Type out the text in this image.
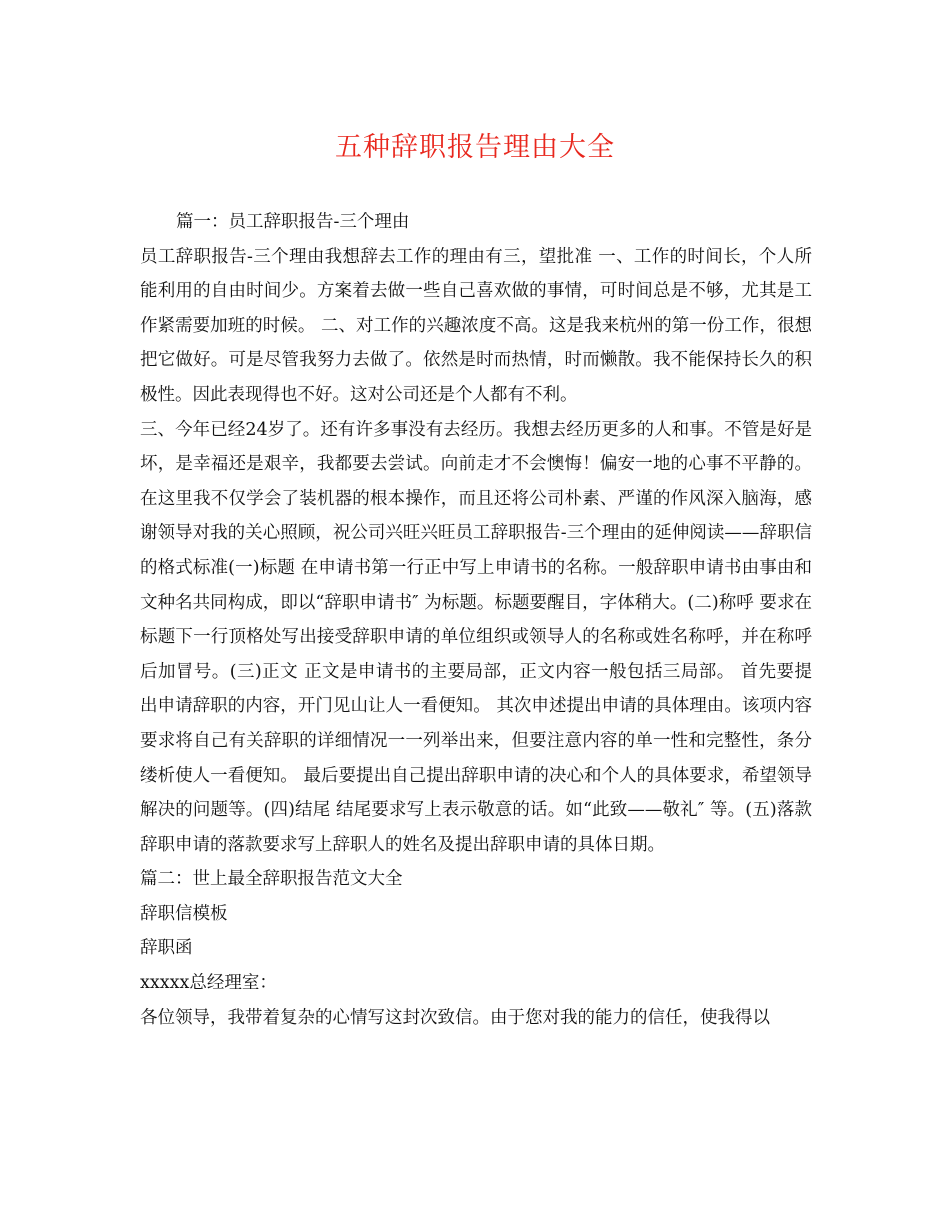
五种辞职报告理由大全

篇一：员工辞职报告-三个理由

员工辞职报告-三个理由我想辞去工作的理由有三，望批准 一、工作的时间长，个人所能利用的自由时间少。方案着去做一些自己喜欢做的事情，可时间总是不够，尤其是工作紧需要加班的时候。 二、对工作的兴趣浓度不高。这是我来杭州的第一份工作，很想把它做好。可是尽管我努力去做了。依然是时而热情，时而懒散。我不能保持长久的积极性。因此表现得也不好。这对公司还是个人都有不利。

三、今年已经24岁了。还有许多事没有去经历。我想去经历更多的人和事。不管是好是坏，是幸福还是艰辛，我都要去尝试。向前走才不会懊悔！偏安一地的心事不平静的。 在这里我不仅学会了装机器的根本操作，而且还将公司朴素、严谨的作风深入脑海，感谢领导对我的关心照顾，祝公司兴旺兴旺员工辞职报告-三个理由的延伸阅读——辞职信的格式标准(一)标题 在申请书第一行正中写上申请书的名称。一般辞职申请书由事由和文种名共同构成，即以“辞职申请书″ 为标题。标题要醒目，字体稍大。(二)称呼 要求在标题下一行顶格处写出接受辞职申请的单位组织或领导人的名称或姓名称呼，并在称呼后加冒号。(三)正文 正文是申请书的主要局部，正文内容一般包括三局部。 首先要提出申请辞职的内容，开门见山让人一看便知。 其次申述提出申请的具体理由。该项内容要求将自己有关辞职的详细情况一一列举出来，但要注意内容的单一性和完整性，条分缕析使人一看便知。 最后要提出自己提出辞职申请的决心和个人的具体要求，希望领导解决的问题等。(四)结尾 结尾要求写上表示敬意的话。如“此致——敬礼″ 等。(五)落款 辞职申请的落款要求写上辞职人的姓名及提出辞职申请的具体日期。

篇二：世上最全辞职报告范文大全

辞职信模板

辞职函

xxxxx总经理室：

各位领导，我带着复杂的心情写这封次致信。由于您对我的能力的信任，使我得以
